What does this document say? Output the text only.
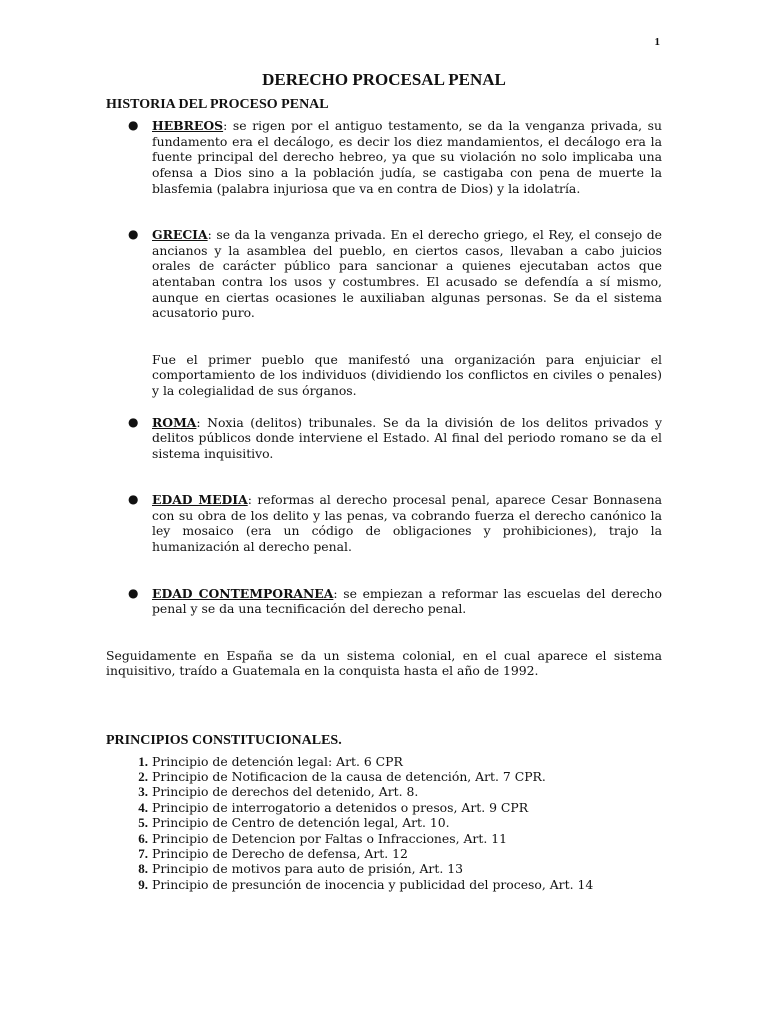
1
DERECHO PROCESAL PENAL
HISTORIA DEL PROCESO PENAL
● HEBREOS: se rigen por el antiguo testamento, se da la venganza privada, su fundamento era el decálogo, es decir los diez mandamientos, el decálogo era la fuente principal del derecho hebreo, ya que su violación no solo implicaba una ofensa a Dios sino a la población judía, se castigaba con pena de muerte la blasfemia (palabra injuriosa que va en contra de Dios) y la idolatría.
● GRECIA: se da la venganza privada. En el derecho griego, el Rey, el consejo de ancianos y la asamblea del pueblo, en ciertos casos, llevaban a cabo juicios orales de carácter público para sancionar a quienes ejecutaban actos que atentaban contra los usos y costumbres. El acusado se defendía a sí mismo, aunque en ciertas ocasiones le auxiliaban algunas personas. Se da el sistema acusatorio puro.
Fue el primer pueblo que manifestó una organización para enjuiciar el comportamiento de los individuos (dividiendo los conflictos en civiles o penales) y la colegialidad de sus órganos.
● ROMA: Noxia (delitos) tribunales. Se da la división de los delitos privados y delitos públicos donde interviene el Estado. Al final del periodo romano se da el sistema inquisitivo.
● EDAD MEDIA: reformas al derecho procesal penal, aparece Cesar Bonnasena con su obra de los delito y las penas, va cobrando fuerza el derecho canónico la ley mosaico (era un código de obligaciones y prohibiciones), trajo la humanización al derecho penal.
● EDAD CONTEMPORANEA: se empiezan a reformar las escuelas del derecho penal y se da una tecnificación del derecho penal.
Seguidamente en España se da un sistema colonial, en el cual aparece el sistema inquisitivo, traído a Guatemala en la conquista hasta el año de 1992.
PRINCIPIOS CONSTITUCIONALES.
1. Principio de detención legal: Art. 6 CPR
2. Principio de Notificacion de la causa de detención, Art. 7 CPR.
3. Principio de derechos del detenido, Art. 8.
4. Principio de interrogatorio a detenidos o presos, Art. 9 CPR
5. Principio de Centro de detención legal, Art. 10.
6. Principio de Detencion por Faltas o Infracciones, Art. 11
7. Principio de Derecho de defensa, Art. 12
8. Principio de motivos para auto de prisión, Art. 13
9. Principio de presunción de inocencia y publicidad del proceso, Art. 14
